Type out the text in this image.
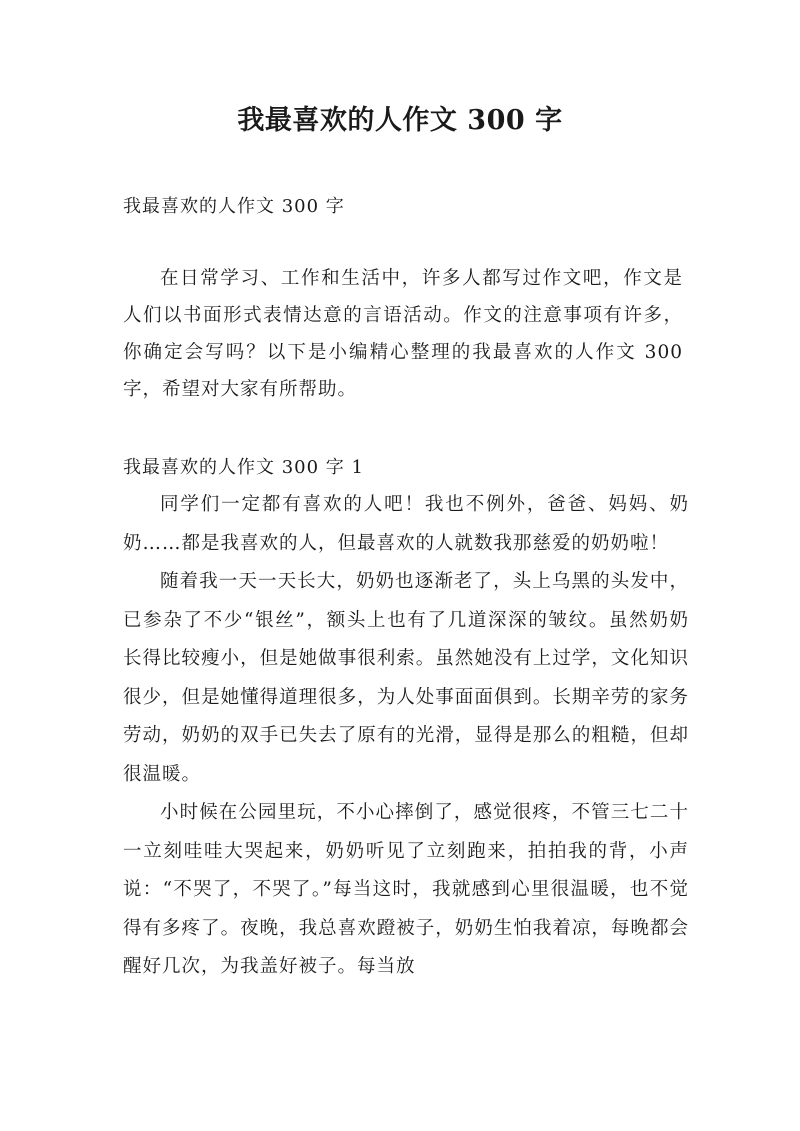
我最喜欢的人作文 300 字
我最喜欢的人作文 300 字
在日常学习、工作和生活中，许多人都写过作文吧，作文是人们以书面形式表情达意的言语活动。作文的注意事项有许多，你确定会写吗？以下是小编精心整理的我最喜欢的人作文 300 字，希望对大家有所帮助。
我最喜欢的人作文 300 字 1

同学们一定都有喜欢的人吧！我也不例外，爸爸、妈妈、奶奶……都是我喜欢的人，但最喜欢的人就数我那慈爱的奶奶啦！

随着我一天一天长大，奶奶也逐渐老了，头上乌黑的头发中，已参杂了不少“银丝”，额头上也有了几道深深的皱纹。虽然奶奶长得比较瘦小，但是她做事很利索。虽然她没有上过学，文化知识很少，但是她懂得道理很多，为人处事面面俱到。长期辛劳的家务劳动，奶奶的双手已失去了原有的光滑，显得是那么的粗糙，但却很温暖。

小时候在公园里玩，不小心摔倒了，感觉很疼，不管三七二十一立刻哇哇大哭起来，奶奶听见了立刻跑来，拍拍我的背，小声说：“不哭了，不哭了。”每当这时，我就感到心里很温暖，也不觉得有多疼了。夜晚，我总喜欢蹬被子，奶奶生怕我着凉，每晚都会醒好几次，为我盖好被子。每当放
